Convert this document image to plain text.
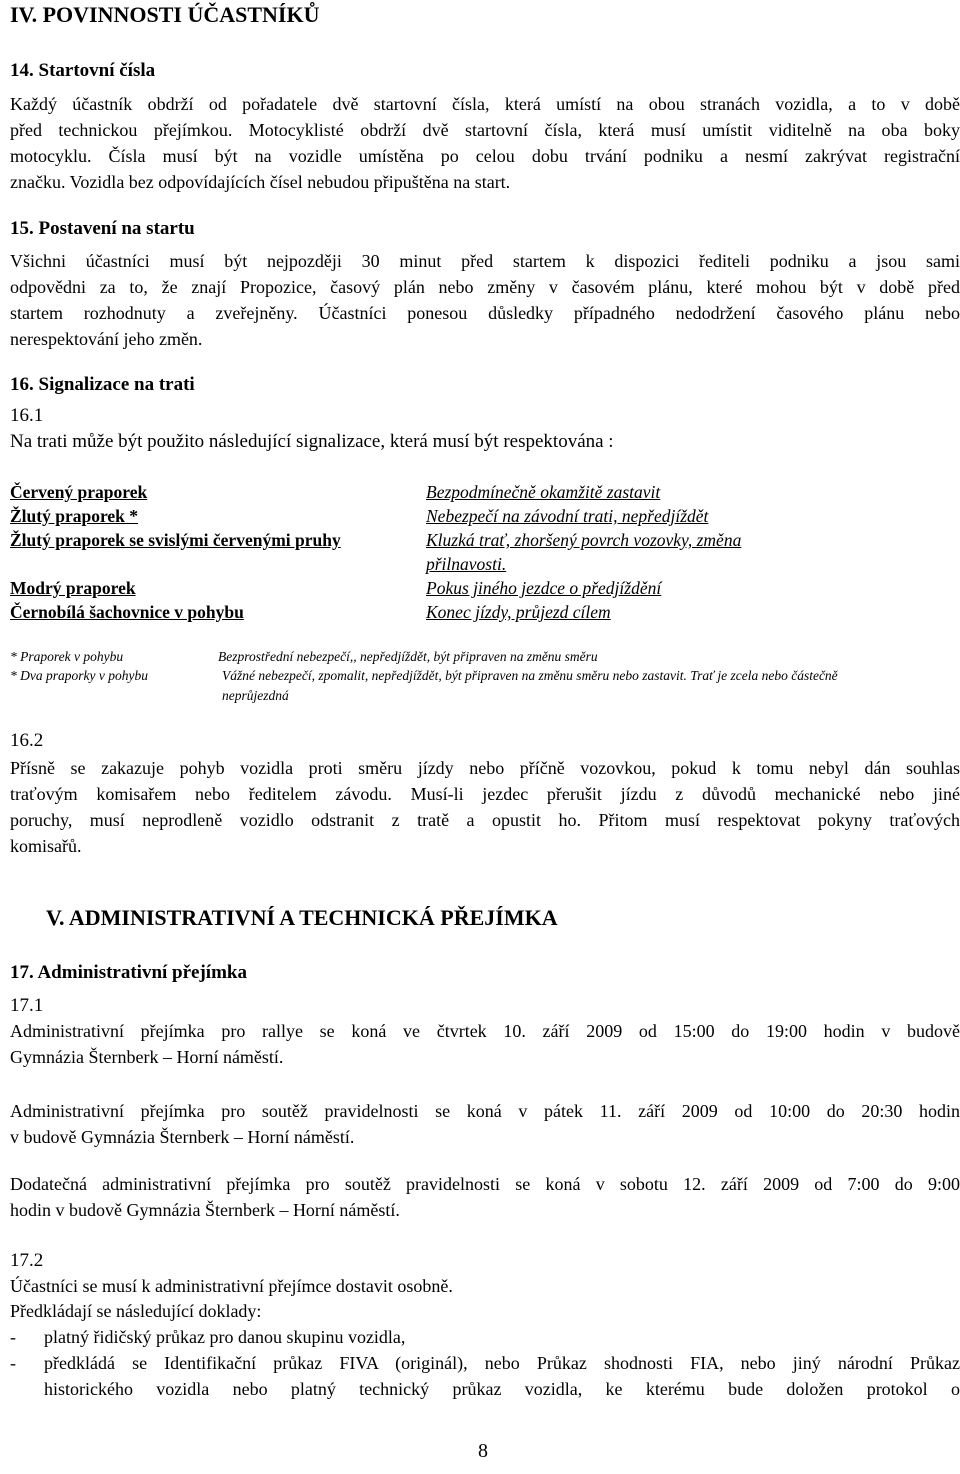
IV. POVINNOSTI ÚČASTNÍKŮ
14. Startovní čísla
Každý účastník obdrží od pořadatele dvě startovní čísla, která umístí na obou stranách vozidla, a to v době
před technickou přejímkou. Motocyklisté obdrží dvě startovní čísla, která musí umístit viditelně na oba boky
motocyklu. Čísla musí být na vozidle umístěna po celou dobu trvání podniku a nesmí zakrývat registrační
značku. Vozidla bez odpovídajících čísel nebudou připuštěna na start.
15. Postavení na startu
Všichni účastníci musí být nejpozději 30 minut před startem k dispozici řediteli podniku a jsou sami
odpovědni za to, že znají Propozice, časový plán nebo změny v časovém plánu, které mohou být v době před
startem rozhodnuty a zveřejněny. Účastníci ponesou důsledky případného nedodržení časového plánu nebo
nerespektování jeho změn.
16. Signalizace na trati
16.1
Na trati může být použito následující signalizace, která musí být respektována :
Červený praporek
Žlutý praporek *
Žlutý praporek se svislými červenými pruhy
Modrý praporek
Černobílá šachovnice v pohybu
Bezpodmínečně okamžitě zastavit
Nebezpečí na závodní trati, nepředjíždět
Kluzká trať, zhoršený povrch vozovky, změna
přilnavosti.
Pokus jiného jezdce o předjíždění
Konec jízdy, průjezd cílem
* Praporek v pohybu	Bezprostřední nebezpečí,, nepředjíždět, být připraven na změnu směru
* Dva praporky v pohybu	Vážné nebezpečí, zpomalit, nepředjíždět, být připraven na změnu směru nebo zastavit. Trať je zcela nebo částečně
neprůjezdná
16.2
Přísně se zakazuje pohyb vozidla proti směru jízdy nebo příčně vozovkou, pokud k tomu nebyl dán souhlas
traťovým komisařem nebo ředitelem závodu. Musí-li jezdec přerušit jízdu z důvodů mechanické nebo jiné
poruchy, musí neprodleně vozidlo odstranit z tratě a opustit ho. Přitom musí respektovat pokyny traťových
komisařů.
V. ADMINISTRATIVNÍ A TECHNICKÁ PŘEJÍMKA
17. Administrativní přejímka
17.1
Administrativní přejímka pro rallye se koná ve čtvrtek 10. září 2009 od 15:00 do 19:00 hodin v budově
Gymnázia Šternberk – Horní náměstí.
Administrativní přejímka pro soutěž pravidelnosti se koná v pátek 11. září 2009 od 10:00 do 20:30 hodin
v budově Gymnázia Šternberk – Horní náměstí.
Dodatečná administrativní přejímka pro soutěž pravidelnosti se koná v sobotu 12. září 2009 od 7:00 do 9:00
hodin v budově Gymnázia Šternberk – Horní náměstí.
17.2
Účastníci se musí k administrativní přejímce dostavit osobně.
Předkládají se následující doklady:
- platný řidičský průkaz pro danou skupinu vozidla,
- předkládá se Identifikační průkaz FIVA (originál), nebo Průkaz shodnosti FIA, nebo jiný národní Průkaz
historického vozidla nebo platný technický průkaz vozidla, ke kterému bude doložen protokol o
8
